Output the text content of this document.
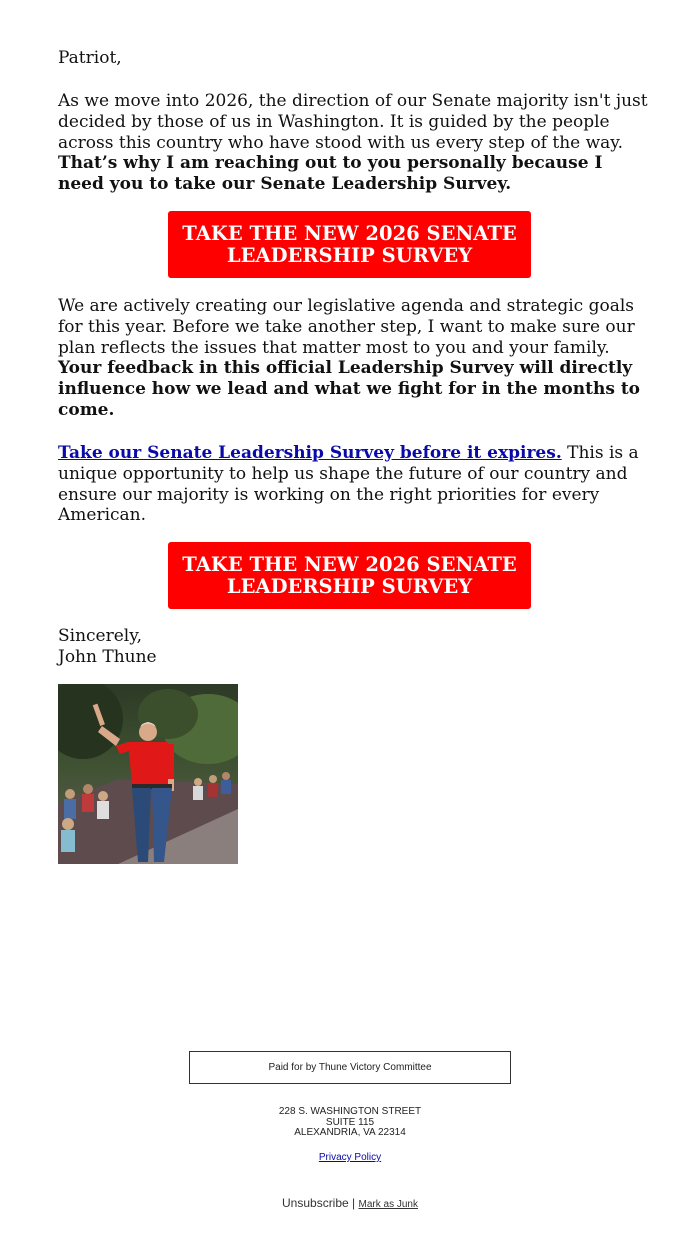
Patriot,
As we move into 2026, the direction of our Senate majority isn't just decided by those of us in Washington. It is guided by the people across this country who have stood with us every step of the way. That’s why I am reaching out to you personally because I need you to take our Senate Leadership Survey.
TAKE THE NEW 2026 SENATE LEADERSHIP SURVEY
We are actively creating our legislative agenda and strategic goals for this year. Before we take another step, I want to make sure our plan reflects the issues that matter most to you and your family. Your feedback in this official Leadership Survey will directly influence how we lead and what we fight for in the months to come.
Take our Senate Leadership Survey before it expires. This is a unique opportunity to help us shape the future of our country and ensure our majority is working on the right priorities for every American.
TAKE THE NEW 2026 SENATE LEADERSHIP SURVEY
Sincerely,
John Thune
Paid for by Thune Victory Committee
228 S. WASHINGTON STREET
SUITE 115
ALEXANDRIA, VA 22314
Privacy Policy
Unsubscribe | Mark as Junk
